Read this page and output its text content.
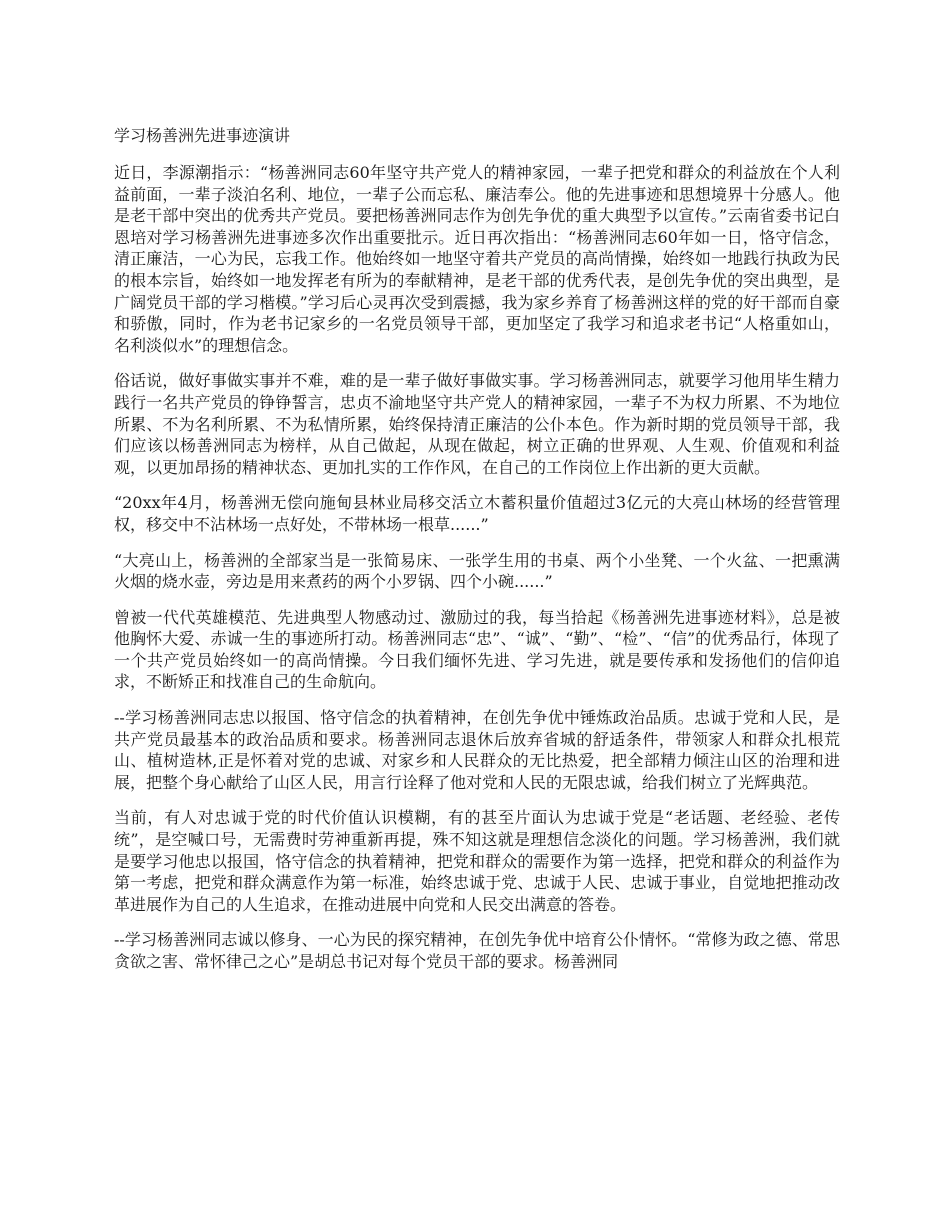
学习杨善洲先进事迹演讲

近日，李源潮指示：“杨善洲同志60年坚守共产党人的精神家园，一辈子把党和群众的利益放在个人利益前面，一辈子淡泊名利、地位，一辈子公而忘私、廉洁奉公。他的先进事迹和思想境界十分感人。他是老干部中突出的优秀共产党员。要把杨善洲同志作为创先争优的重大典型予以宣传。”云南省委书记白恩培对学习杨善洲先进事迹多次作出重要批示。近日再次指出：“杨善洲同志60年如一日，恪守信念，清正廉洁，一心为民，忘我工作。他始终如一地坚守着共产党员的高尚情操，始终如一地践行执政为民的根本宗旨，始终如一地发挥老有所为的奉献精神，是老干部的优秀代表，是创先争优的突出典型，是广阔党员干部的学习楷模。”学习后心灵再次受到震撼，我为家乡养育了杨善洲这样的党的好干部而自豪和骄傲，同时，作为老书记家乡的一名党员领导干部，更加坚定了我学习和追求老书记“人格重如山，名利淡似水”的理想信念。

俗话说，做好事做实事并不难，难的是一辈子做好事做实事。学习杨善洲同志，就要学习他用毕生精力践行一名共产党员的铮铮誓言，忠贞不渝地坚守共产党人的精神家园，一辈子不为权力所累、不为地位所累、不为名利所累、不为私情所累，始终保持清正廉洁的公仆本色。作为新时期的党员领导干部，我们应该以杨善洲同志为榜样，从自己做起，从现在做起，树立正确的世界观、人生观、价值观和利益观，以更加昂扬的精神状态、更加扎实的工作作风，在自己的工作岗位上作出新的更大贡献。

“20xx年4月，杨善洲无偿向施甸县林业局移交活立木蓄积量价值超过3亿元的大亮山林场的经营管理权，移交中不沾林场一点好处，不带林场一根草......”

“大亮山上，杨善洲的全部家当是一张简易床、一张学生用的书桌、两个小坐凳、一个火盆、一把熏满火烟的烧水壶，旁边是用来煮药的两个小罗锅、四个小碗......”

曾被一代代英雄模范、先进典型人物感动过、激励过的我，每当拾起《杨善洲先进事迹材料》，总是被他胸怀大爱、赤诚一生的事迹所打动。杨善洲同志“忠”、“诚”、“勤”、“检”、“信”的优秀品行，体现了一个共产党员始终如一的高尚情操。今日我们缅怀先进、学习先进，就是要传承和发扬他们的信仰追求，不断矫正和找准自己的生命航向。

--学习杨善洲同志忠以报国、恪守信念的执着精神，在创先争优中锤炼政治品质。忠诚于党和人民，是共产党员最基本的政治品质和要求。杨善洲同志退休后放弃省城的舒适条件，带领家人和群众扎根荒山、植树造林,正是怀着对党的忠诚、对家乡和人民群众的无比热爱，把全部精力倾注山区的治理和进展，把整个身心献给了山区人民，用言行诠释了他对党和人民的无限忠诚，给我们树立了光辉典范。

当前，有人对忠诚于党的时代价值认识模糊，有的甚至片面认为忠诚于党是“老话题、老经验、老传统”，是空喊口号，无需费时劳神重新再提，殊不知这就是理想信念淡化的问题。学习杨善洲，我们就是要学习他忠以报国，恪守信念的执着精神，把党和群众的需要作为第一选择，把党和群众的利益作为第一考虑，把党和群众满意作为第一标准，始终忠诚于党、忠诚于人民、忠诚于事业，自觉地把推动改革进展作为自己的人生追求，在推动进展中向党和人民交出满意的答卷。

--学习杨善洲同志诚以修身、一心为民的探究精神，在创先争优中培育公仆情怀。“常修为政之德、常思贪欲之害、常怀律己之心”是胡总书记对每个党员干部的要求。杨善洲同
